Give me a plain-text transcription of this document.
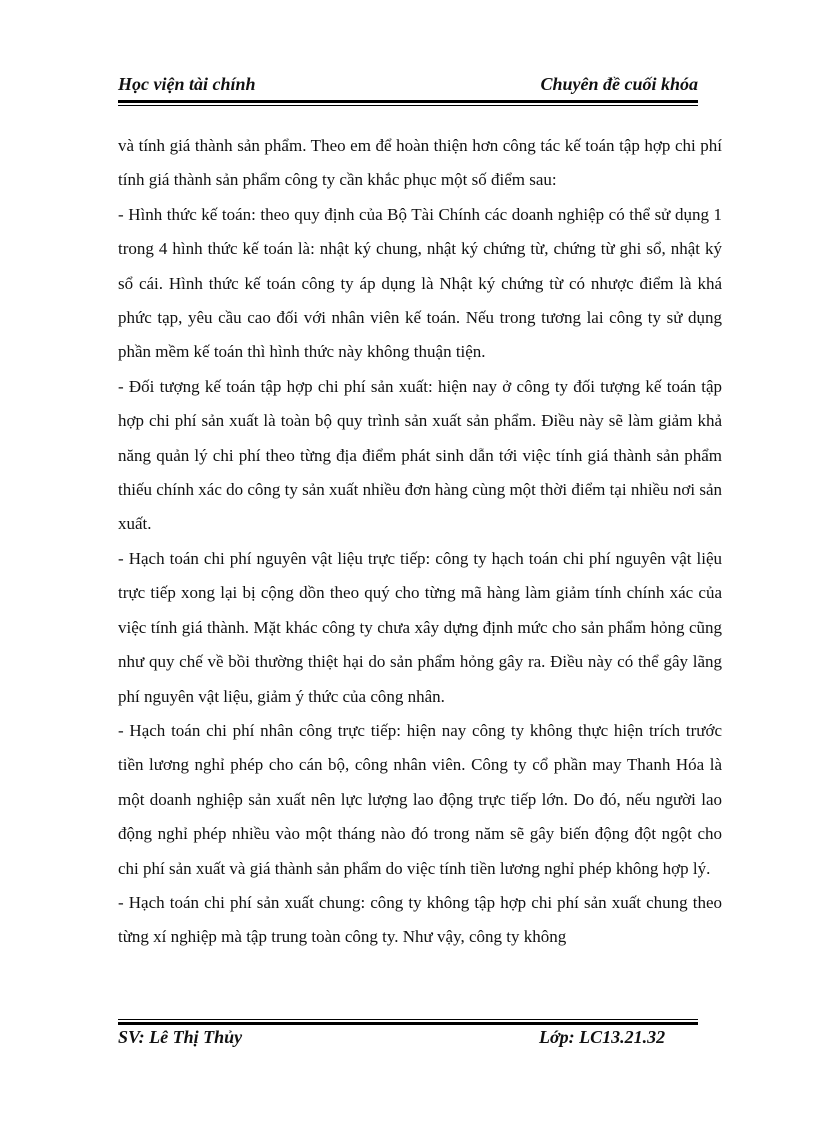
Học viện tài chính	Chuyên đề cuối khóa

và tính giá thành sản phẩm. Theo em để hoàn thiện hơn công tác kế toán tập hợp chi phí tính giá thành sản phẩm công ty cần khắc phục một số điểm sau:

- Hình thức kế toán: theo quy định của Bộ Tài Chính các doanh nghiệp có thể sử dụng 1 trong 4 hình thức kế toán là: nhật ký chung, nhật ký chứng từ, chứng từ ghi sổ, nhật ký sổ cái. Hình thức kế toán công ty áp dụng là Nhật ký chứng từ có nhược điểm là khá phức tạp, yêu cầu cao đối với nhân viên kế toán. Nếu trong tương lai công ty sử dụng phần mềm kế toán thì hình thức này không thuận tiện.

- Đối tượng kế toán tập hợp chi phí sản xuất: hiện nay ở công ty đối tượng kế toán tập hợp chi phí sản xuất là toàn bộ quy trình sản xuất sản phẩm. Điều này sẽ làm giảm khả năng quản lý chi phí theo từng địa điểm phát sinh dẫn tới việc tính giá thành sản phẩm thiếu chính xác do công ty sản xuất nhiều đơn hàng cùng một thời điểm tại nhiều nơi sản xuất.

- Hạch toán chi phí nguyên vật liệu trực tiếp: công ty hạch toán chi phí nguyên vật liệu trực tiếp xong lại bị cộng dồn theo quý cho từng mã hàng làm giảm tính chính xác của việc tính giá thành. Mặt khác công ty chưa xây dựng định mức cho sản phẩm hỏng cũng như quy chế về bồi thường thiệt hại do sản phẩm hỏng gây ra. Điều này có thể gây lãng phí nguyên vật liệu, giảm ý thức của công nhân.

- Hạch toán chi phí nhân công trực tiếp: hiện nay công ty không thực hiện trích trước tiền lương nghỉ phép cho cán bộ, công nhân viên. Công ty cổ phần may Thanh Hóa là một doanh nghiệp sản xuất nên lực lượng lao động trực tiếp lớn. Do đó, nếu người lao động nghỉ phép nhiều vào một tháng nào đó trong năm sẽ gây biến động đột ngột cho chi phí sản xuất và giá thành sản phẩm do việc tính tiền lương nghỉ phép không hợp lý.

- Hạch toán chi phí sản xuất chung: công ty không tập hợp chi phí sản xuất chung theo từng xí nghiệp mà tập trung toàn công ty. Như vậy, công ty không

SV: Lê Thị Thủy	Lớp: LC13.21.32
